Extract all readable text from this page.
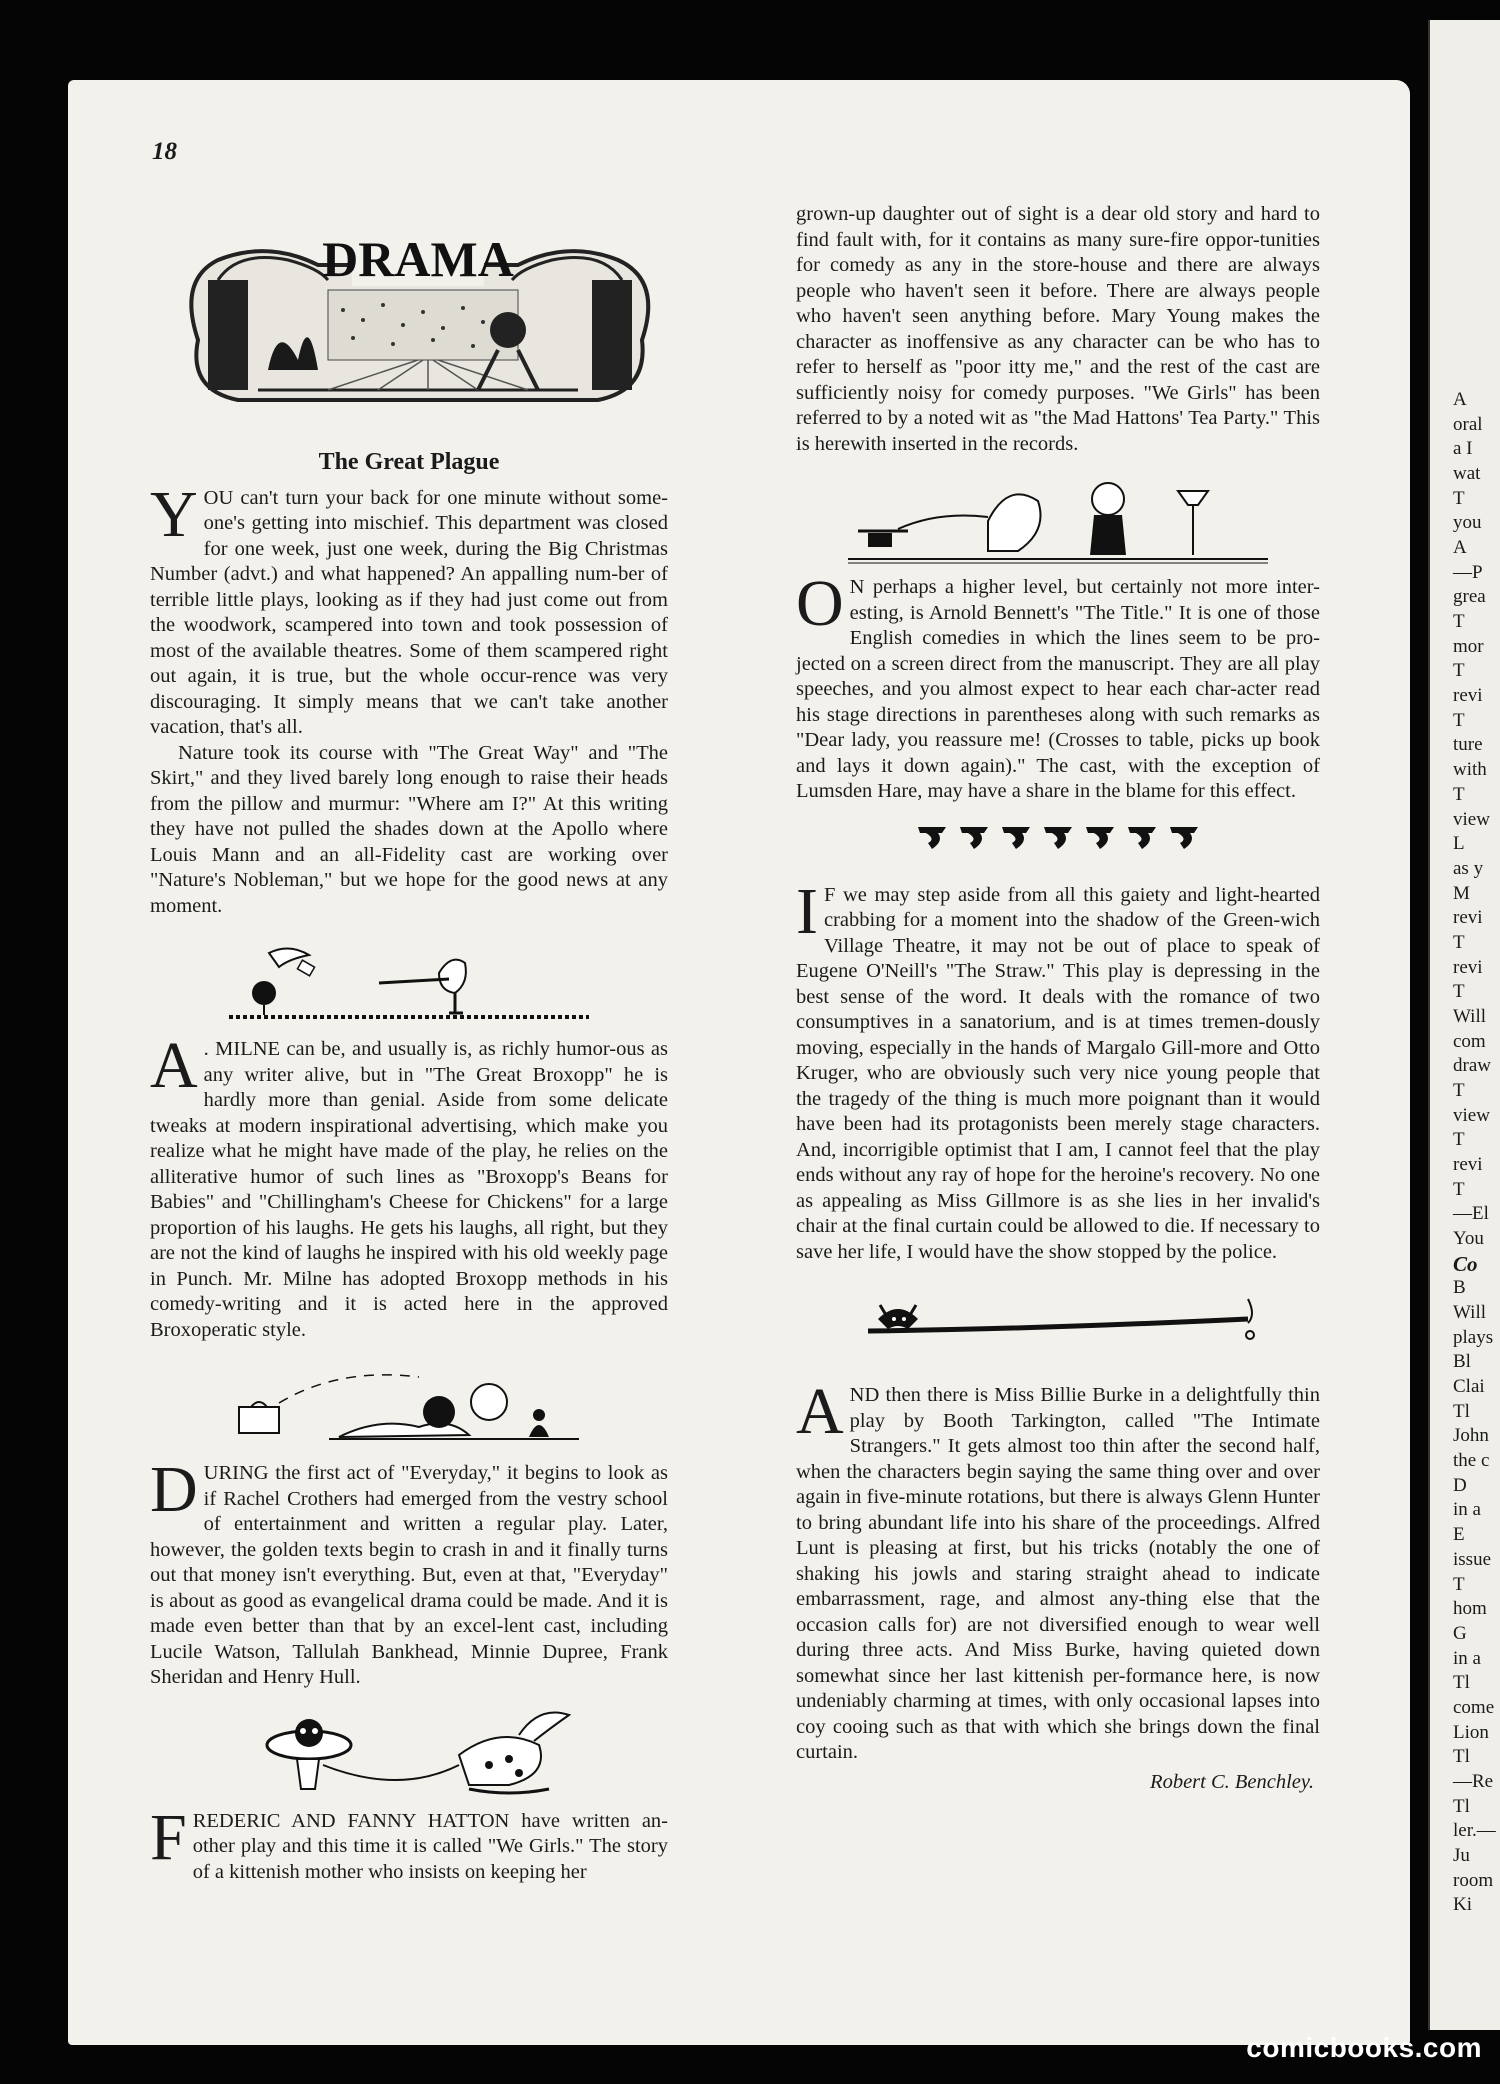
18
DRAMA
The Great Plague

YOU can't turn your back for one minute without some-one's getting into mischief. This department was closed for one week, just one week, during the Big Christmas Number (advt.) and what happened? An appalling num-ber of terrible little plays, looking as if they had just come out from the woodwork, scampered into town and took possession of most of the available theatres. Some of them scampered right out again, it is true, but the whole occur-rence was very discouraging. It simply means that we can't take another vacation, that's all.

Nature took its course with "The Great Way" and "The Skirt," and they lived barely long enough to raise their heads from the pillow and murmur: "Where am I?" At this writing they have not pulled the shades down at the Apollo where Louis Mann and an all-Fidelity cast are working over "Nature's Nobleman," but we hope for the good news at any moment.

A . MILNE can be, and usually is, as richly humor-ous as any writer alive, but in "The Great Broxopp" he is hardly more than genial. Aside from some delicate tweaks at modern inspirational advertising, which make you realize what he might have made of the play, he relies on the alliterative humor of such lines as "Broxopp's Beans for Babies" and "Chillingham's Cheese for Chickens" for a large proportion of his laughs. He gets his laughs, all right, but they are not the kind of laughs he inspired with his old weekly page in Punch. Mr. Milne has adopted Broxopp methods in his comedy-writing and it is acted here in the approved Broxoperatic style.

DURING the first act of "Everyday," it begins to look as if Rachel Crothers had emerged from the vestry school of entertainment and written a regular play. Later, however, the golden texts begin to crash in and it finally turns out that money isn't everything. But, even at that, "Everyday" is about as good as evangelical drama could be made. And it is made even better than that by an excel-lent cast, including Lucile Watson, Tallulah Bankhead, Minnie Dupree, Frank Sheridan and Henry Hull.

FREDERIC AND FANNY HATTON have written an-other play and this time it is called "We Girls." The story of a kittenish mother who insists on keeping her

grown-up daughter out of sight is a dear old story and hard to find fault with, for it contains as many sure-fire oppor-tunities for comedy as any in the store-house and there are always people who haven't seen it before. There are always people who haven't seen anything before. Mary Young makes the character as inoffensive as any character can be who has to refer to herself as "poor itty me," and the rest of the cast are sufficiently noisy for comedy purposes. "We Girls" has been referred to by a noted wit as "the Mad Hattons' Tea Party." This is herewith inserted in the records.

O N perhaps a higher level, but certainly not more inter-esting, is Arnold Bennett's "The Title." It is one of those English comedies in which the lines seem to be pro-jected on a screen direct from the manuscript. They are all play speeches, and you almost expect to hear each char-acter read his stage directions in parentheses along with such remarks as "Dear lady, you reassure me! (Crosses to table, picks up book and lays it down again)." The cast, with the exception of Lumsden Hare, may have a share in the blame for this effect.

I F we may step aside from all this gaiety and light-hearted crabbing for a moment into the shadow of the Green-wich Village Theatre, it may not be out of place to speak of Eugene O'Neill's "The Straw." This play is depressing in the best sense of the word. It deals with the romance of two consumptives in a sanatorium, and is at times tremen-dously moving, especially in the hands of Margalo Gill-more and Otto Kruger, who are obviously such very nice young people that the tragedy of the thing is much more poignant than it would have been had its protagonists been merely stage characters. And, incorrigible optimist that I am, I cannot feel that the play ends without any ray of hope for the heroine's recovery. No one as appealing as Miss Gillmore is as she lies in her invalid's chair at the final curtain could be allowed to die. If necessary to save her life, I would have the show stopped by the police.

AND then there is Miss Billie Burke in a delightfully thin play by Booth Tarkington, called "The Intimate Strangers." It gets almost too thin after the second half, when the characters begin saying the same thing over and over again in five-minute rotations, but there is always Glenn Hunter to bring abundant life into his share of the proceedings. Alfred Lunt is pleasing at first, but his tricks (notably the one of shaking his jowls and staring straight ahead to indicate embarrassment, rage, and almost any-thing else that the occasion calls for) are not diversified enough to wear well during three acts. And Miss Burke, having quieted down somewhat since her last kittenish per-formance here, is now undeniably charming at times, with only occasional lapses into coy cooing such as that with which she brings down the final curtain.

Robert C. Benchley.
A
oral
a I
wat
T
you
A
—P
grea
T
mor
T
revi
T
ture
with
T
view
L
as y
M
revi
T
revi
T
Will
com
draw
T
view
T
revi
T
—El
You
Co
B
Will
plays
Bl
Clai
Tl
John
the c
D
in a
E
issue
T
hom
G
in a
Tl
come
Lion
Tl
—Re
Tl
ler.—
Ju
room
Ki
comicbooks.com
